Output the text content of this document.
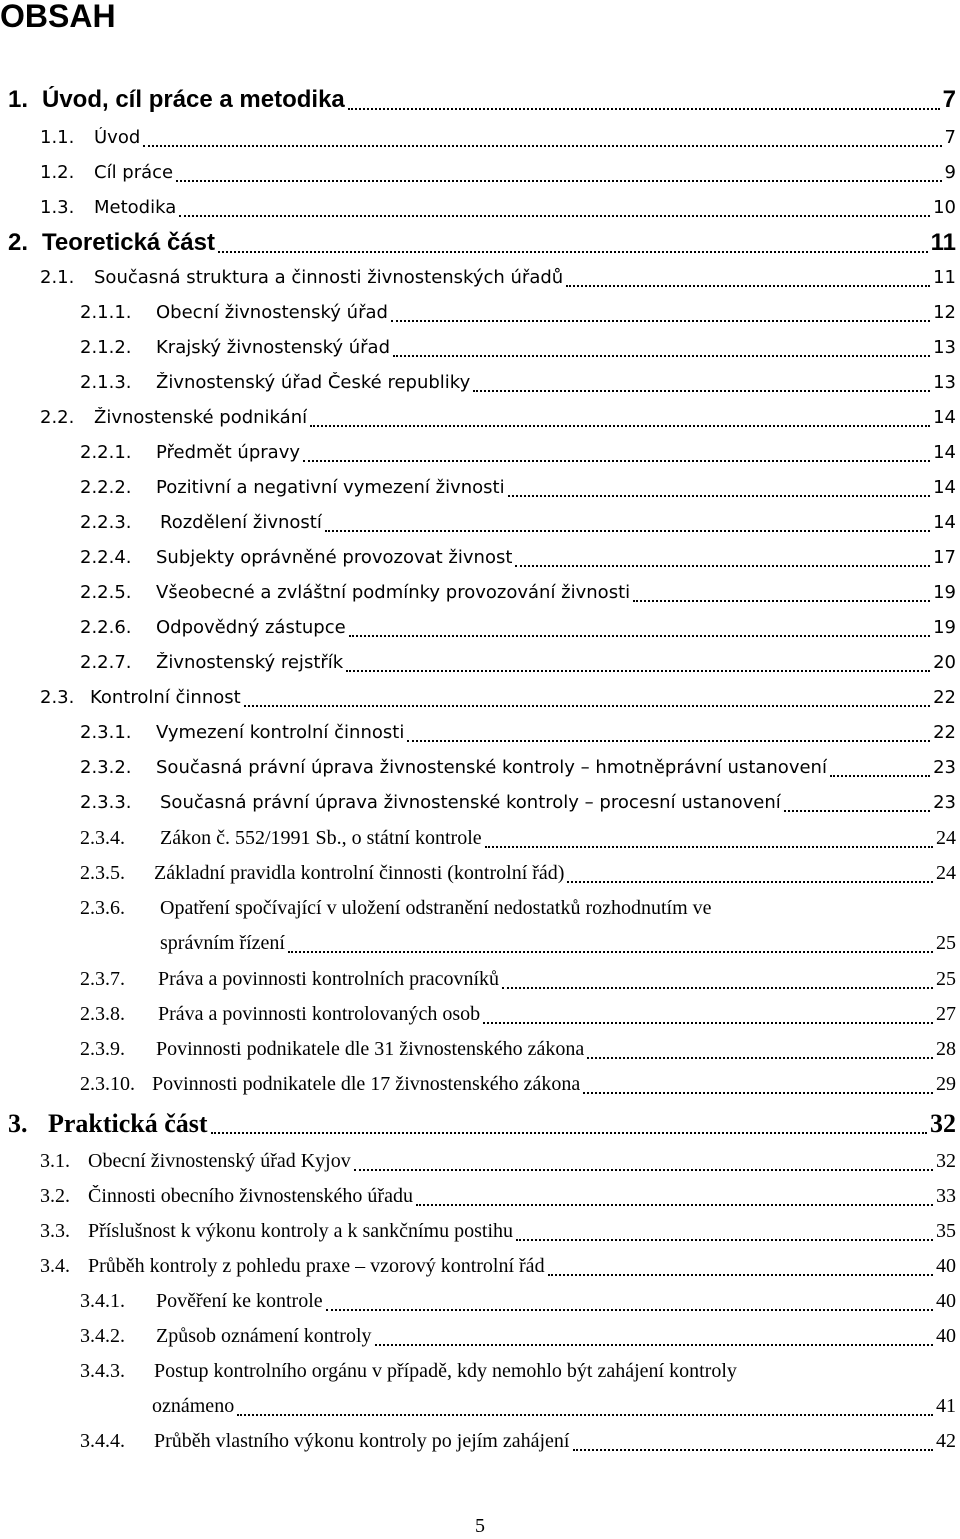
OBSAH
1. Úvod, cíl práce a metodika	7
1.1.	Úvod	7
1.2.	Cíl práce	9
1.3.	Metodika	10
2. Teoretická část	11
2.1.	Současná struktura a činnosti živnostenských úřadů	11
2.1.1.	Obecní živnostenský úřad	12
2.1.2.	Krajský živnostenský úřad	13
2.1.3.	Živnostenský úřad České republiky	13
2.2.	Živnostenské podnikání	14
2.2.1.	Předmět úpravy	14
2.2.2.	Pozitivní a negativní vymezení živnosti	14
2.2.3.	Rozdělení živností	14
2.2.4.	Subjekty oprávněné provozovat živnost	17
2.2.5.	Všeobecné a zvláštní podmínky provozování živnosti	19
2.2.6.	Odpovědný zástupce	19
2.2.7.	Živnostenský rejstřík	20
2.3. Kontrolní činnost	22
2.3.1.	Vymezení kontrolní činnosti	22
2.3.2.	Současná právní úprava živnostenské kontroly – hmotněprávní ustanovení	23
2.3.3.	Současná právní úprava živnostenské kontroly – procesní ustanovení	23
2.3.4.	Zákon č. 552/1991 Sb., o státní kontrole	24
2.3.5.	Základní pravidla kontrolní činnosti (kontrolní řád)	24
2.3.6.	Opatření spočívající v uložení odstranění nedostatků rozhodnutím ve
správním řízení	25
2.3.7.	Práva a povinnosti kontrolních pracovníků	25
2.3.8.	Práva a povinnosti kontrolovaných osob	27
2.3.9.	Povinnosti podnikatele dle 31 živnostenského zákona	28
2.3.10. Povinnosti podnikatele dle 17 živnostenského zákona	29
3. Praktická část	32
3.1. Obecní živnostenský úřad Kyjov	32
3.2. Činnosti obecního živnostenského úřadu	33
3.3. Příslušnost k výkonu kontroly a k sankčnímu postihu	35
3.4. Průběh kontroly z pohledu praxe – vzorový kontrolní řád	40
3.4.1.	Pověření ke kontrole	40
3.4.2.	Způsob oznámení kontroly	40
3.4.3.	Postup kontrolního orgánu v případě, kdy nemohlo být zahájení kontroly
oznámeno	41
3.4.4.	Průběh vlastního výkonu kontroly po jejím zahájení	42
5
